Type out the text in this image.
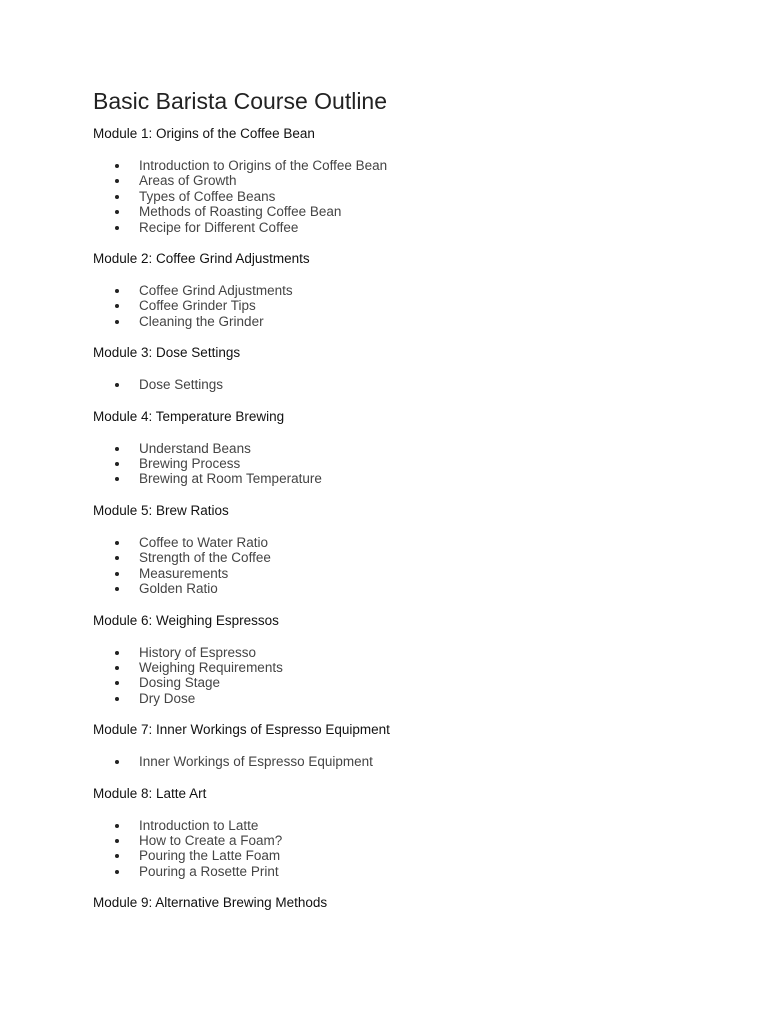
Basic Barista Course Outline

Module 1: Origins of the Coffee Bean

Introduction to Origins of the Coffee Bean
Areas of Growth
Types of Coffee Beans
Methods of Roasting Coffee Bean
Recipe for Different Coffee

Module 2: Coffee Grind Adjustments

Coffee Grind Adjustments
Coffee Grinder Tips
Cleaning the Grinder

Module 3: Dose Settings

Dose Settings

Module 4: Temperature Brewing

Understand Beans
Brewing Process
Brewing at Room Temperature

Module 5: Brew Ratios

Coffee to Water Ratio
Strength of the Coffee
Measurements
Golden Ratio

Module 6: Weighing Espressos

History of Espresso
Weighing Requirements
Dosing Stage
Dry Dose

Module 7: Inner Workings of Espresso Equipment

Inner Workings of Espresso Equipment

Module 8: Latte Art

Introduction to Latte
How to Create a Foam?
Pouring the Latte Foam
Pouring a Rosette Print

Module 9: Alternative Brewing Methods
